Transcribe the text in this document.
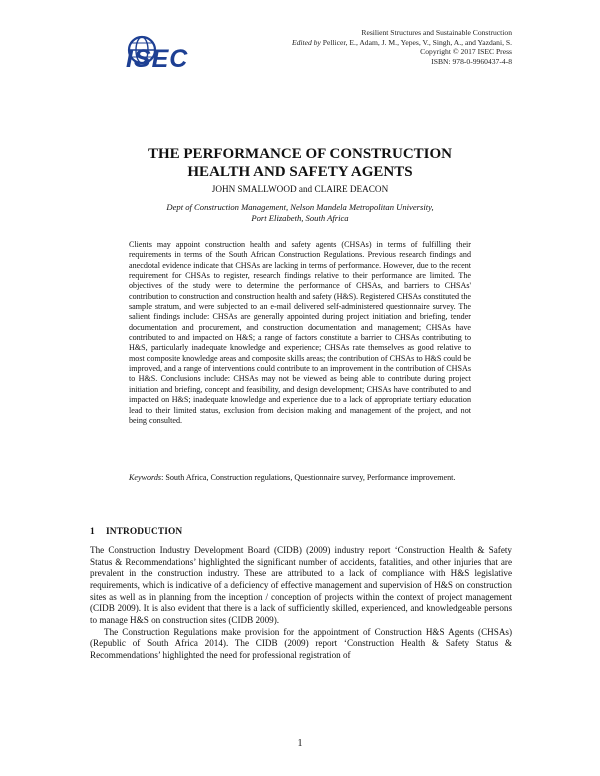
ISEC
Resilient Structures and Sustainable Construction
Edited by Pellicer, E., Adam, J. M., Yepes, V., Singh, A., and Yazdani, S.
Copyright © 2017 ISEC Press
ISBN: 978-0-9960437-4-8
THE PERFORMANCE OF CONSTRUCTION
HEALTH AND SAFETY AGENTS
JOHN SMALLWOOD and CLAIRE DEACON
Dept of Construction Management, Nelson Mandela Metropolitan University,
Port Elizabeth, South Africa

Clients may appoint construction health and safety agents (CHSAs) in terms of fulfilling their requirements in terms of the South African Construction Regulations. Previous research findings and anecdotal evidence indicate that CHSAs are lacking in terms of performance. However, due to the recent requirement for CHSAs to register, research findings relative to their performance are limited. The objectives of the study were to determine the performance of CHSAs, and barriers to CHSAs' contribution to construction and construction health and safety (H&S). Registered CHSAs constituted the sample stratum, and were subjected to an e-mail delivered self-administered questionnaire survey. The salient findings include: CHSAs are generally appointed during project initiation and briefing, tender documentation and procurement, and construction documentation and management; CHSAs have contributed to and impacted on H&S; a range of factors constitute a barrier to CHSAs contributing to H&S, particularly inadequate knowledge and experience; CHSAs rate themselves as good relative to most composite knowledge areas and composite skills areas; the contribution of CHSAs to H&S could be improved, and a range of interventions could contribute to an improvement in the contribution of CHSAs to H&S. Conclusions include: CHSAs may not be viewed as being able to contribute during project initiation and briefing, concept and feasibility, and design development; CHSAs have contributed to and impacted on H&S; inadequate knowledge and experience due to a lack of appropriate tertiary education lead to their limited status, exclusion from decision making and management of the project, and not being consulted.

Keywords: South Africa, Construction regulations, Questionnaire survey, Performance improvement.

1 INTRODUCTION

The Construction Industry Development Board (CIDB) (2009) industry report ‘Construction Health & Safety Status & Recommendations’ highlighted the significant number of accidents, fatalities, and other injuries that are prevalent in the construction industry. These are attributed to a lack of compliance with H&S legislative requirements, which is indicative of a deficiency of effective management and supervision of H&S on construction sites as well as in planning from the inception / conception of projects within the context of project management (CIDB 2009). It is also evident that there is a lack of sufficiently skilled, experienced, and knowledgeable persons to manage H&S on construction sites (CIDB 2009).

The Construction Regulations make provision for the appointment of Construction H&S Agents (CHSAs) (Republic of South Africa 2014). The CIDB (2009) report ‘Construction Health & Safety Status & Recommendations’ highlighted the need for professional registration of

1
